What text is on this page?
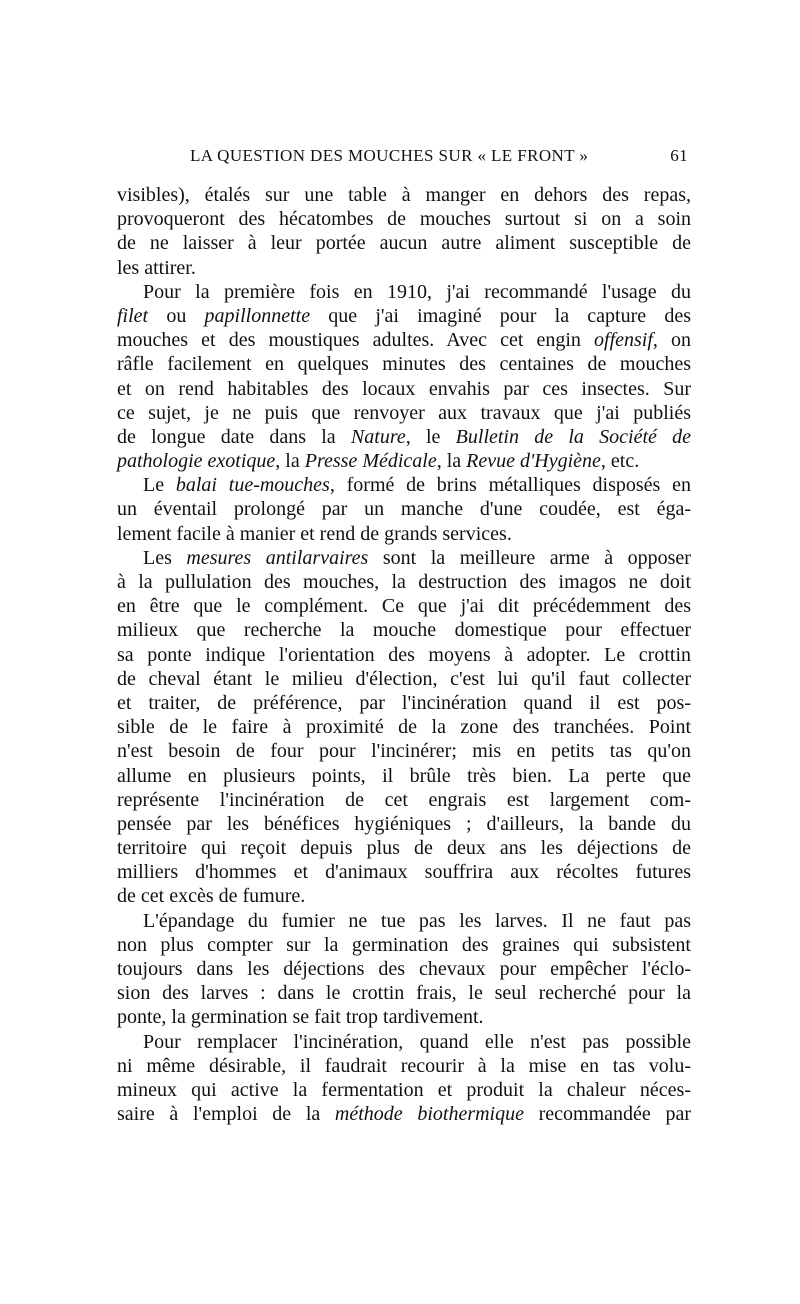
LA QUESTION DES MOUCHES SUR « LE FRONT »	61
visibles), étalés sur une table à manger en dehors des repas,
provoqueront des hécatombes de mouches surtout si on a soin
de ne laisser à leur portée aucun autre aliment susceptible de
les attirer.
Pour la première fois en 1910, j'ai recommandé l'usage du
filet ou papillonnette que j'ai imaginé pour la capture des
mouches et des moustiques adultes. Avec cet engin offensif, on
râfle facilement en quelques minutes des centaines de mouches
et on rend habitables des locaux envahis par ces insectes. Sur
ce sujet, je ne puis que renvoyer aux travaux que j'ai publiés
de longue date dans la Nature, le Bulletin de la Société de
pathologie exotique, la Presse Médicale, la Revue d'Hygiène, etc.
Le balai tue-mouches, formé de brins métalliques disposés en
un éventail prolongé par un manche d'une coudée, est éga-
lement facile à manier et rend de grands services.
Les mesures antilarvaires sont la meilleure arme à opposer
à la pullulation des mouches, la destruction des imagos ne doit
en être que le complément. Ce que j'ai dit précédemment des
milieux que recherche la mouche domestique pour effectuer
sa ponte indique l'orientation des moyens à adopter. Le crottin
de cheval étant le milieu d'élection, c'est lui qu'il faut collecter
et traiter, de préférence, par l'incinération quand il est pos-
sible de le faire à proximité de la zone des tranchées. Point
n'est besoin de four pour l'incinérer; mis en petits tas qu'on
allume en plusieurs points, il brûle très bien. La perte que
représente l'incinération de cet engrais est largement com-
pensée par les bénéfices hygiéniques ; d'ailleurs, la bande du
territoire qui reçoit depuis plus de deux ans les déjections de
milliers d'hommes et d'animaux souffrira aux récoltes futures
de cet excès de fumure.
L'épandage du fumier ne tue pas les larves. Il ne faut pas
non plus compter sur la germination des graines qui subsistent
toujours dans les déjections des chevaux pour empêcher l'éclo-
sion des larves : dans le crottin frais, le seul recherché pour la
ponte, la germination se fait trop tardivement.
Pour remplacer l'incinération, quand elle n'est pas possible
ni même désirable, il faudrait recourir à la mise en tas volu-
mineux qui active la fermentation et produit la chaleur néces-
saire à l'emploi de la méthode biothermique recommandée par
